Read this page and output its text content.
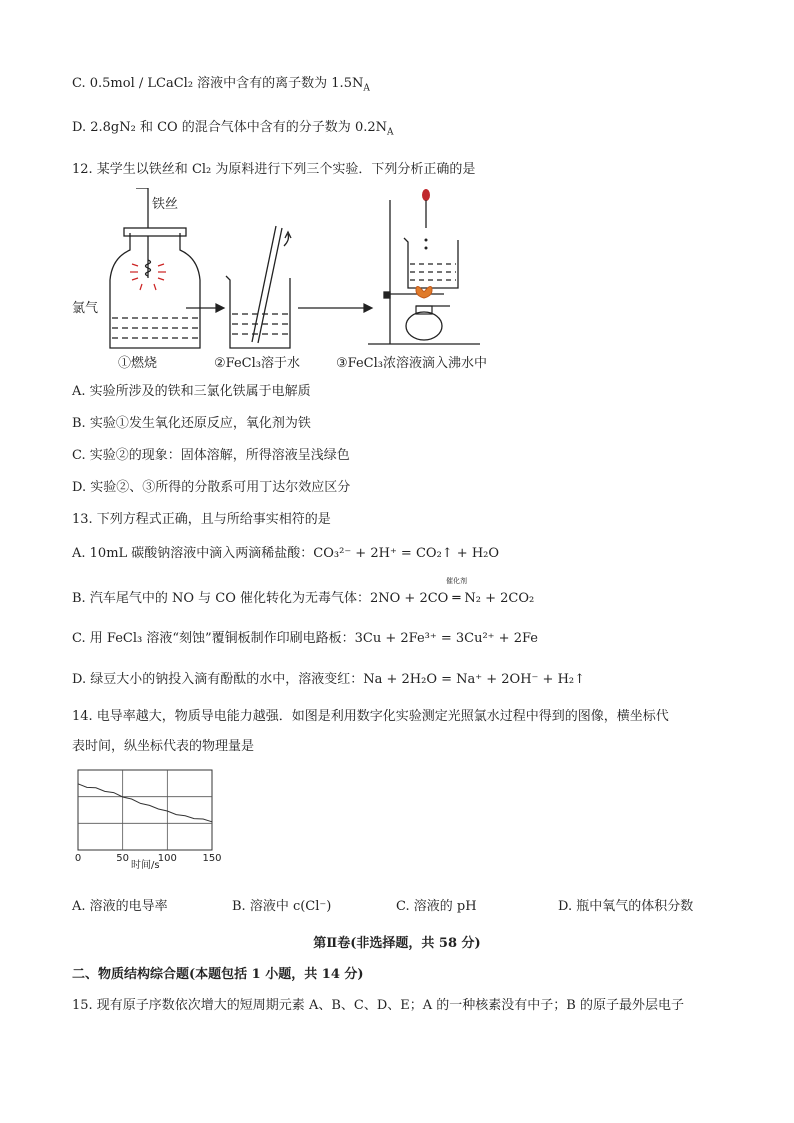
C. 0.5mol / LCaCl₂ 溶液中含有的离子数为 $1.5N_A$
D. 2.8gN₂ 和 CO 的混合气体中含有的分子数为 $0.2N_A$
12. 某学生以铁丝和 Cl₂ 为原料进行下列三个实验．下列分析正确的是
铁丝
氯气
①燃烧	②FeCl₃溶于水	③FeCl₃浓溶液滴入沸水中
A. 实验所涉及的铁和三氯化铁属于电解质
B. 实验①发生氧化还原反应，氧化剂为铁
C. 实验②的现象：固体溶解，所得溶液呈浅绿色
D. 实验②、③所得的分散系可用丁达尔效应区分
13. 下列方程式正确，且与所给事实相符的是
A. 10mL 碳酸钠溶液中滴入两滴稀盐酸：CO₃²⁻ + 2H⁺ = CO₂↑ + H₂O
B. 汽车尾气中的 NO 与 CO 催化转化为无毒气体：2NO + 2CO ═ N₂ + 2CO₂
催化剂
C. 用 FeCl₃ 溶液“刻蚀”覆铜板制作印刷电路板：3Cu + 2Fe³⁺ = 3Cu²⁺ + 2Fe
D. 绿豆大小的钠投入滴有酚酞的水中，溶液变红：Na + 2H₂O = Na⁺ + 2OH⁻ + H₂↑
14. 电导率越大，物质导电能力越强．如图是利用数字化实验测定光照氯水过程中得到的图像，横坐标代
表时间，纵坐标代表的物理量是
0	50	100	150
时间/s
A. 溶液的电导率	B. 溶液中 c(Cl⁻)	C. 溶液的 pH	D. 瓶中氧气的体积分数
第Ⅱ卷(非选择题，共 58 分)
二、物质结构综合题(本题包括 1 小题，共 14 分)
15. 现有原子序数依次增大的短周期元素 A、B、C、D、E；A 的一种核素没有中子；B 的原子最外层电子
